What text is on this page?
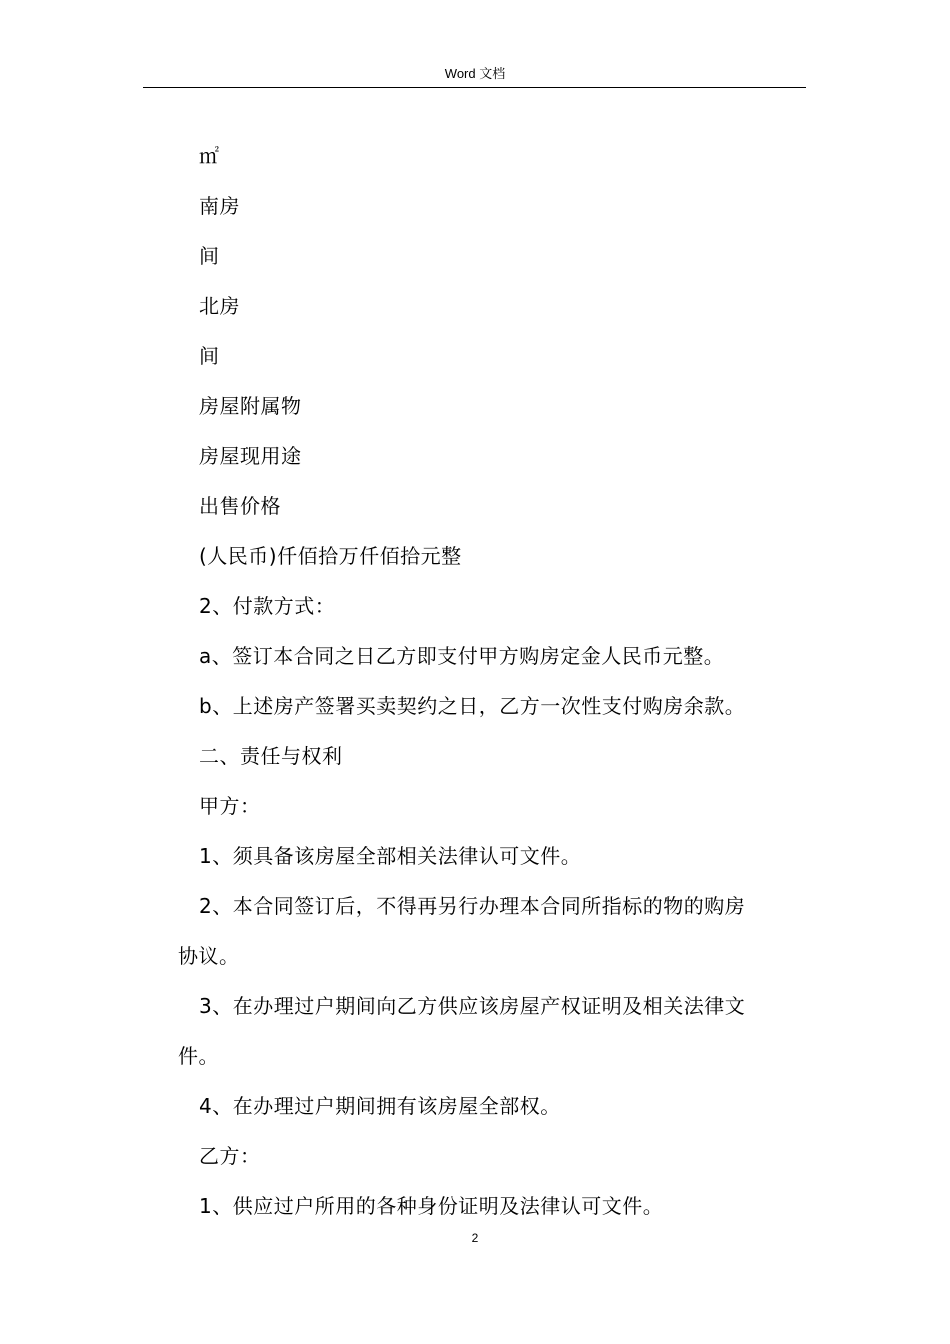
Word 文档

㎡

南房

间

北房

间

房屋附属物

房屋现用途

出售价格

(人民币)仟佰拾万仟佰拾元整

2、付款方式：

a、签订本合同之日乙方即支付甲方购房定金人民币元整。

b、上述房产签署买卖契约之日，乙方一次性支付购房余款。

二、责任与权利

甲方：

1、须具备该房屋全部相关法律认可文件。

2、本合同签订后，不得再另行办理本合同所指标的物的购房

协议。

3、在办理过户期间向乙方供应该房屋产权证明及相关法律文

件。

4、在办理过户期间拥有该房屋全部权。

乙方：

1、供应过户所用的各种身份证明及法律认可文件。

2
